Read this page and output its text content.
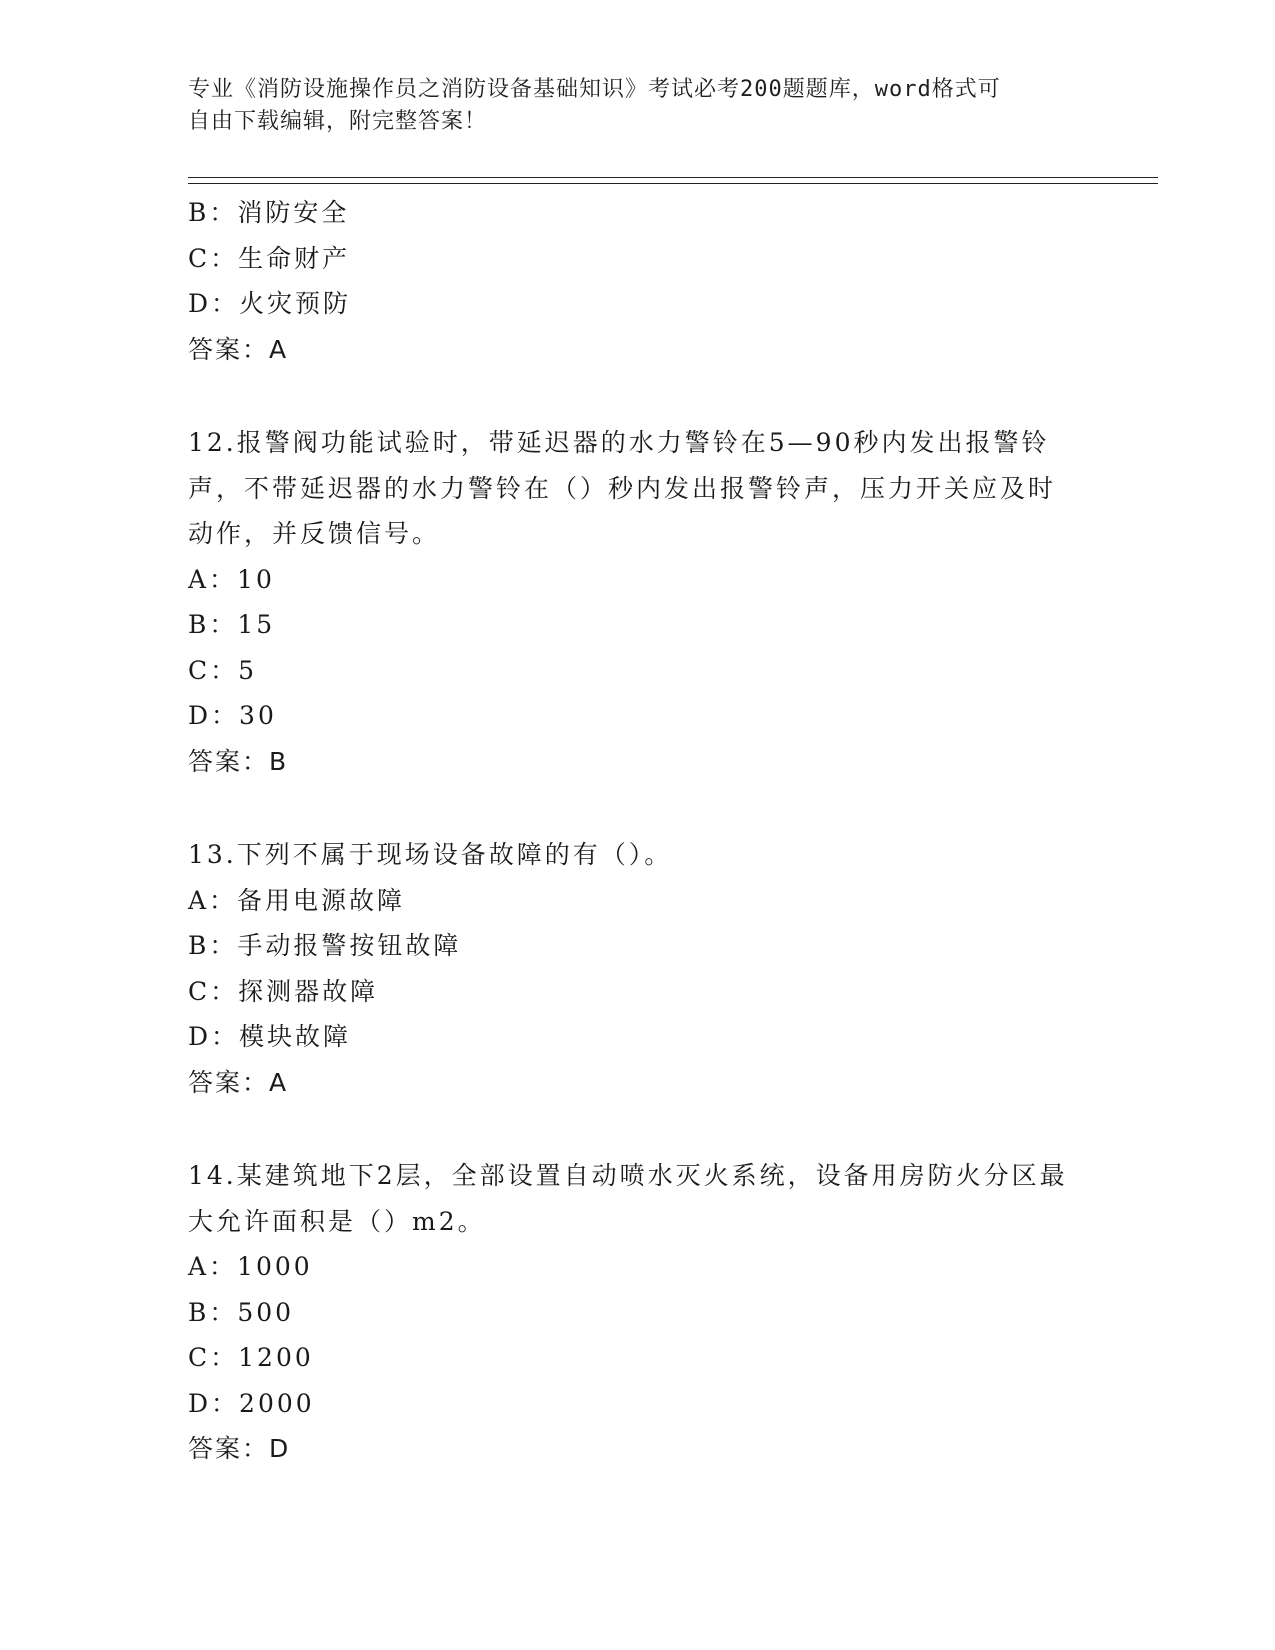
专业《消防设施操作员之消防设备基础知识》考试必考200题题库，word格式可
自由下载编辑，附完整答案！
B：消防安全
C：生命财产
D：火灾预防
答案：A
12.报警阀功能试验时，带延迟器的水力警铃在5—90秒内发出报警铃声，不带延迟器的水力警铃在（）秒内发出报警铃声，压力开关应及时动作，并反馈信号。
A：10
B：15
C：5
D：30
答案：B
13.下列不属于现场设备故障的有（）。
A：备用电源故障
B：手动报警按钮故障
C：探测器故障
D：模块故障
答案：A
14.某建筑地下2层，全部设置自动喷水灭火系统，设备用房防火分区最大允许面积是（）m2。
A：1000
B：500
C：1200
D：2000
答案：D
